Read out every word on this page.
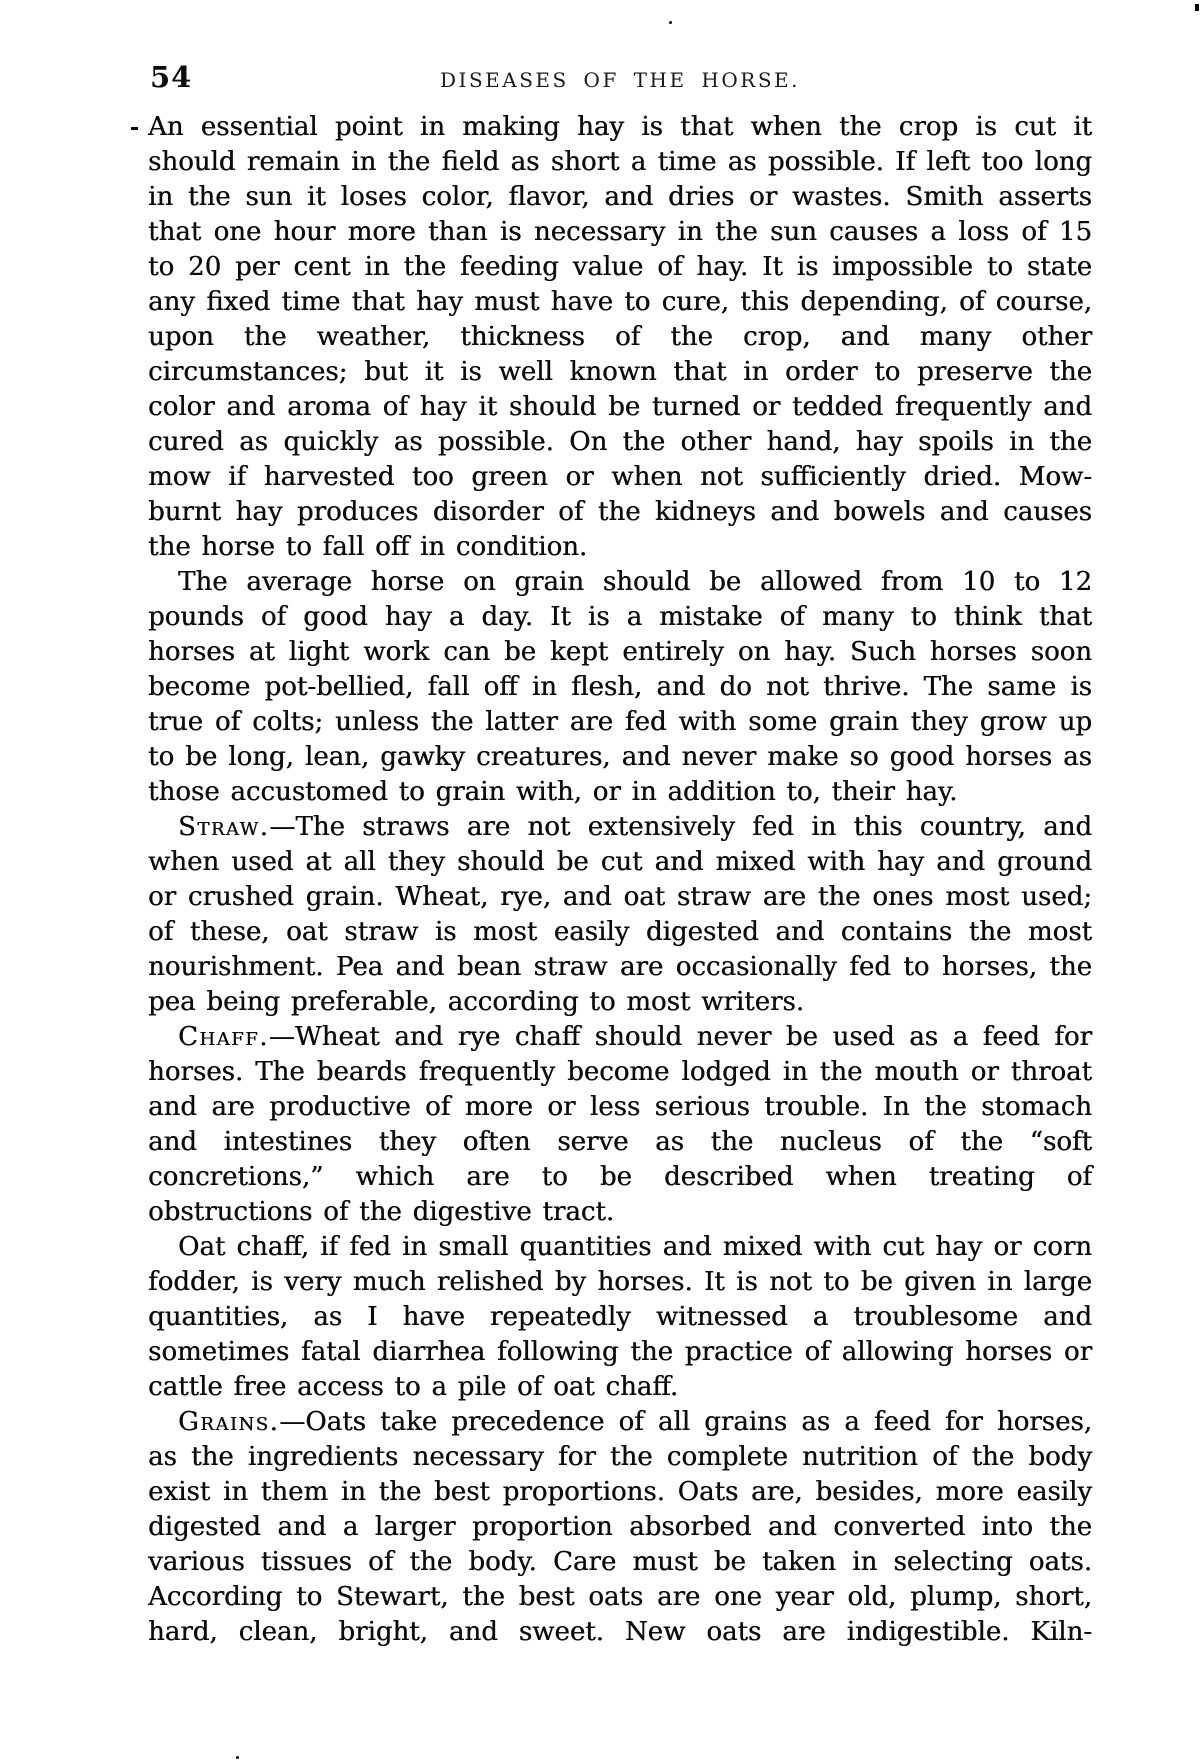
54	DISEASES OF THE HORSE.

An essential point in making hay is that when the crop is cut it should remain in the field as short a time as possible. If left too long in the sun it loses color, flavor, and dries or wastes. Smith asserts that one hour more than is necessary in the sun causes a loss of 15 to 20 per cent in the feeding value of hay. It is impossible to state any fixed time that hay must have to cure, this depending, of course, upon the weather, thickness of the crop, and many other circumstances; but it is well known that in order to preserve the color and aroma of hay it should be turned or tedded frequently and cured as quickly as possible. On the other hand, hay spoils in the mow if harvested too green or when not sufficiently dried. Mow-burnt hay produces disorder of the kidneys and bowels and causes the horse to fall off in condition.

The average horse on grain should be allowed from 10 to 12 pounds of good hay a day. It is a mistake of many to think that horses at light work can be kept entirely on hay. Such horses soon become pot-bellied, fall off in flesh, and do not thrive. The same is true of colts; unless the latter are fed with some grain they grow up to be long, lean, gawky creatures, and never make so good horses as those accustomed to grain with, or in addition to, their hay.

Straw.—The straws are not extensively fed in this country, and when used at all they should be cut and mixed with hay and ground or crushed grain. Wheat, rye, and oat straw are the ones most used; of these, oat straw is most easily digested and contains the most nourishment. Pea and bean straw are occasionally fed to horses, the pea being preferable, according to most writers.

Chaff.—Wheat and rye chaff should never be used as a feed for horses. The beards frequently become lodged in the mouth or throat and are productive of more or less serious trouble. In the stomach and intestines they often serve as the nucleus of the “soft concretions,” which are to be described when treating of obstructions of the digestive tract.

Oat chaff, if fed in small quantities and mixed with cut hay or corn fodder, is very much relished by horses. It is not to be given in large quantities, as I have repeatedly witnessed a troublesome and sometimes fatal diarrhea following the practice of allowing horses or cattle free access to a pile of oat chaff.

Grains.—Oats take precedence of all grains as a feed for horses, as the ingredients necessary for the complete nutrition of the body exist in them in the best proportions. Oats are, besides, more easily digested and a larger proportion absorbed and converted into the various tissues of the body. Care must be taken in selecting oats. According to Stewart, the best oats are one year old, plump, short, hard, clean, bright, and sweet. New oats are indigestible. Kiln-
